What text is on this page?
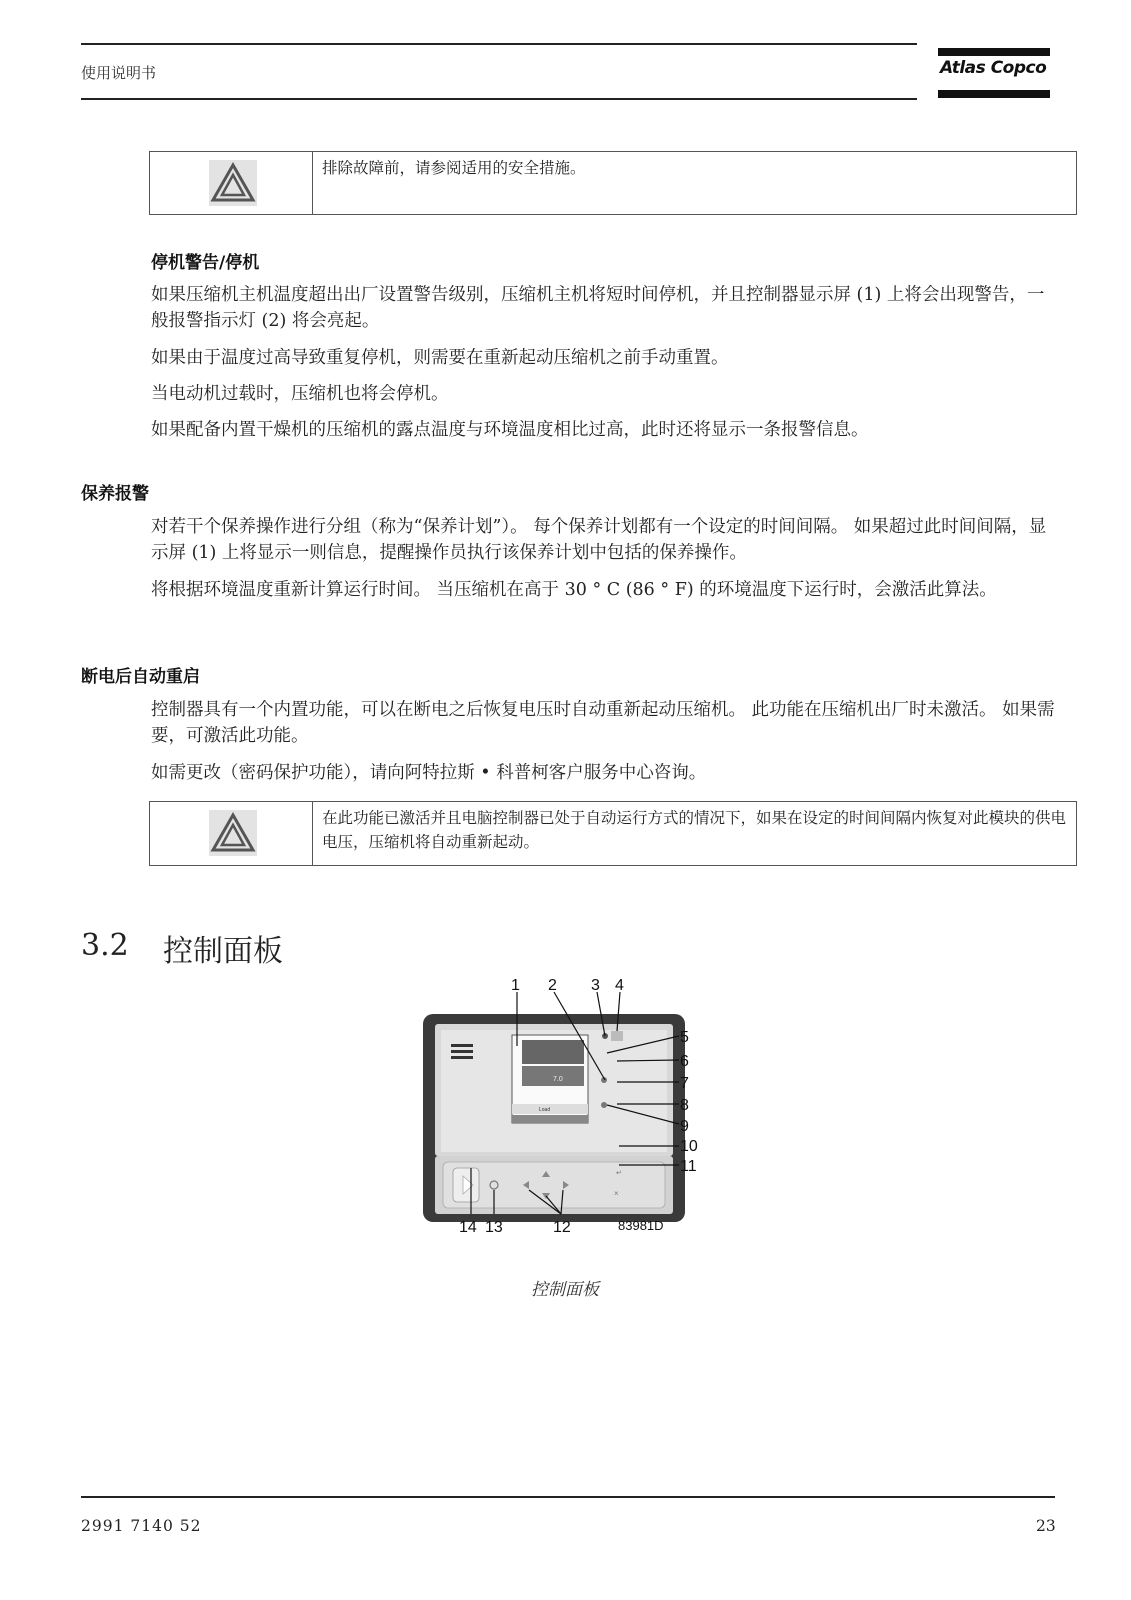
使用说明书	Atlas Copco
排除故障前，请参阅适用的安全措施。
停机警告/停机
如果压缩机主机温度超出出厂设置警告级别，压缩机主机将短时间停机，并且控制器显示屏 (1) 上将会出现警告，一般报警指示灯 (2) 将会亮起。
如果由于温度过高导致重复停机，则需要在重新起动压缩机之前手动重置。
当电动机过载时，压缩机也将会停机。
如果配备内置干燥机的压缩机的露点温度与环境温度相比过高，此时还将显示一条报警信息。
保养报警
对若干个保养操作进行分组（称为“保养计划”）。 每个保养计划都有一个设定的时间间隔。 如果超过此时间间隔，显示屏 (1) 上将显示一则信息，提醒操作员执行该保养计划中包括的保养操作。
将根据环境温度重新计算运行时间。 当压缩机在高于 30 ° C (86 ° F) 的环境温度下运行时，会激活此算法。
断电后自动重启
控制器具有一个内置功能，可以在断电之后恢复电压时自动重新起动压缩机。 此功能在压缩机出厂时未激活。 如果需要，可激活此功能。
如需更改（密码保护功能），请向阿特拉斯 • 科普柯客户服务中心咨询。
在此功能已激活并且电脑控制器已处于自动运行方式的情况下，如果在设定的时间间隔内恢复对此模块的供电电压，压缩机将自动重新起动。
3.2 控制面板
7.0
Load
↵
×
1 2 3 4
5
6
7
8
9
10
11
14 13	12	83981D
控制面板
2991 7140 52	23
